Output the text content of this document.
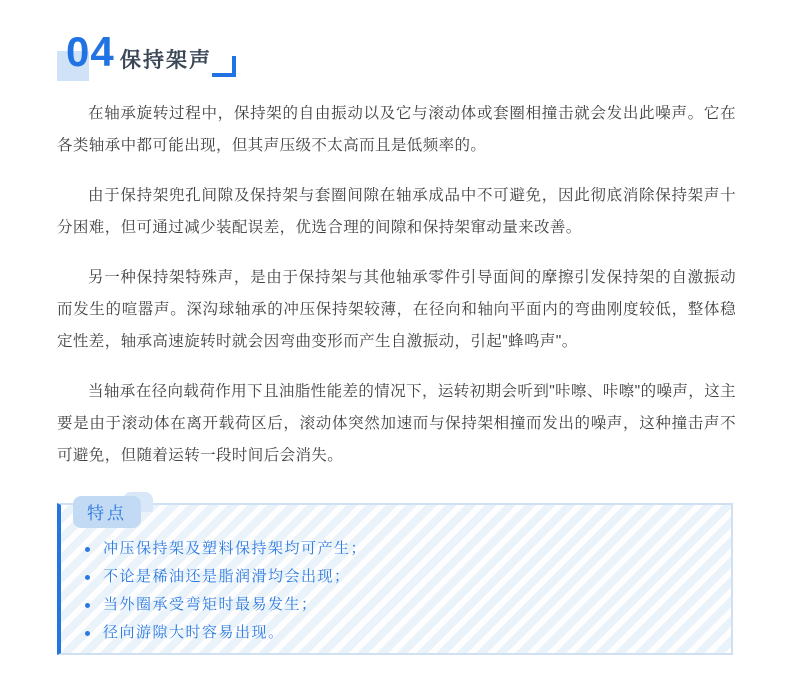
04 保持架声

在轴承旋转过程中，保持架的自由振动以及它与滚动体或套圈相撞击就会发出此噪声。它在各类轴承中都可能出现，但其声压级不太高而且是低频率的。

由于保持架兜孔间隙及保持架与套圈间隙在轴承成品中不可避免，因此彻底消除保持架声十分困难，但可通过减少装配误差，优选合理的间隙和保持架窜动量来改善。

另一种保持架特殊声，是由于保持架与其他轴承零件引导面间的摩擦引发保持架的自激振动而发生的喧嚣声。深沟球轴承的冲压保持架较薄，在径向和轴向平面内的弯曲刚度较低，整体稳定性差，轴承高速旋转时就会因弯曲变形而产生自激振动，引起"蜂鸣声"。

当轴承在径向载荷作用下且油脂性能差的情况下，运转初期会听到"咔嚓、咔嚓"的噪声，这主要是由于滚动体在离开载荷区后，滚动体突然加速而与保持架相撞而发出的噪声，这种撞击声不可避免，但随着运转一段时间后会消失。

特点
冲压保持架及塑料保持架均可产生；
不论是稀油还是脂润滑均会出现；
当外圈承受弯矩时最易发生；
径向游隙大时容易出现。
